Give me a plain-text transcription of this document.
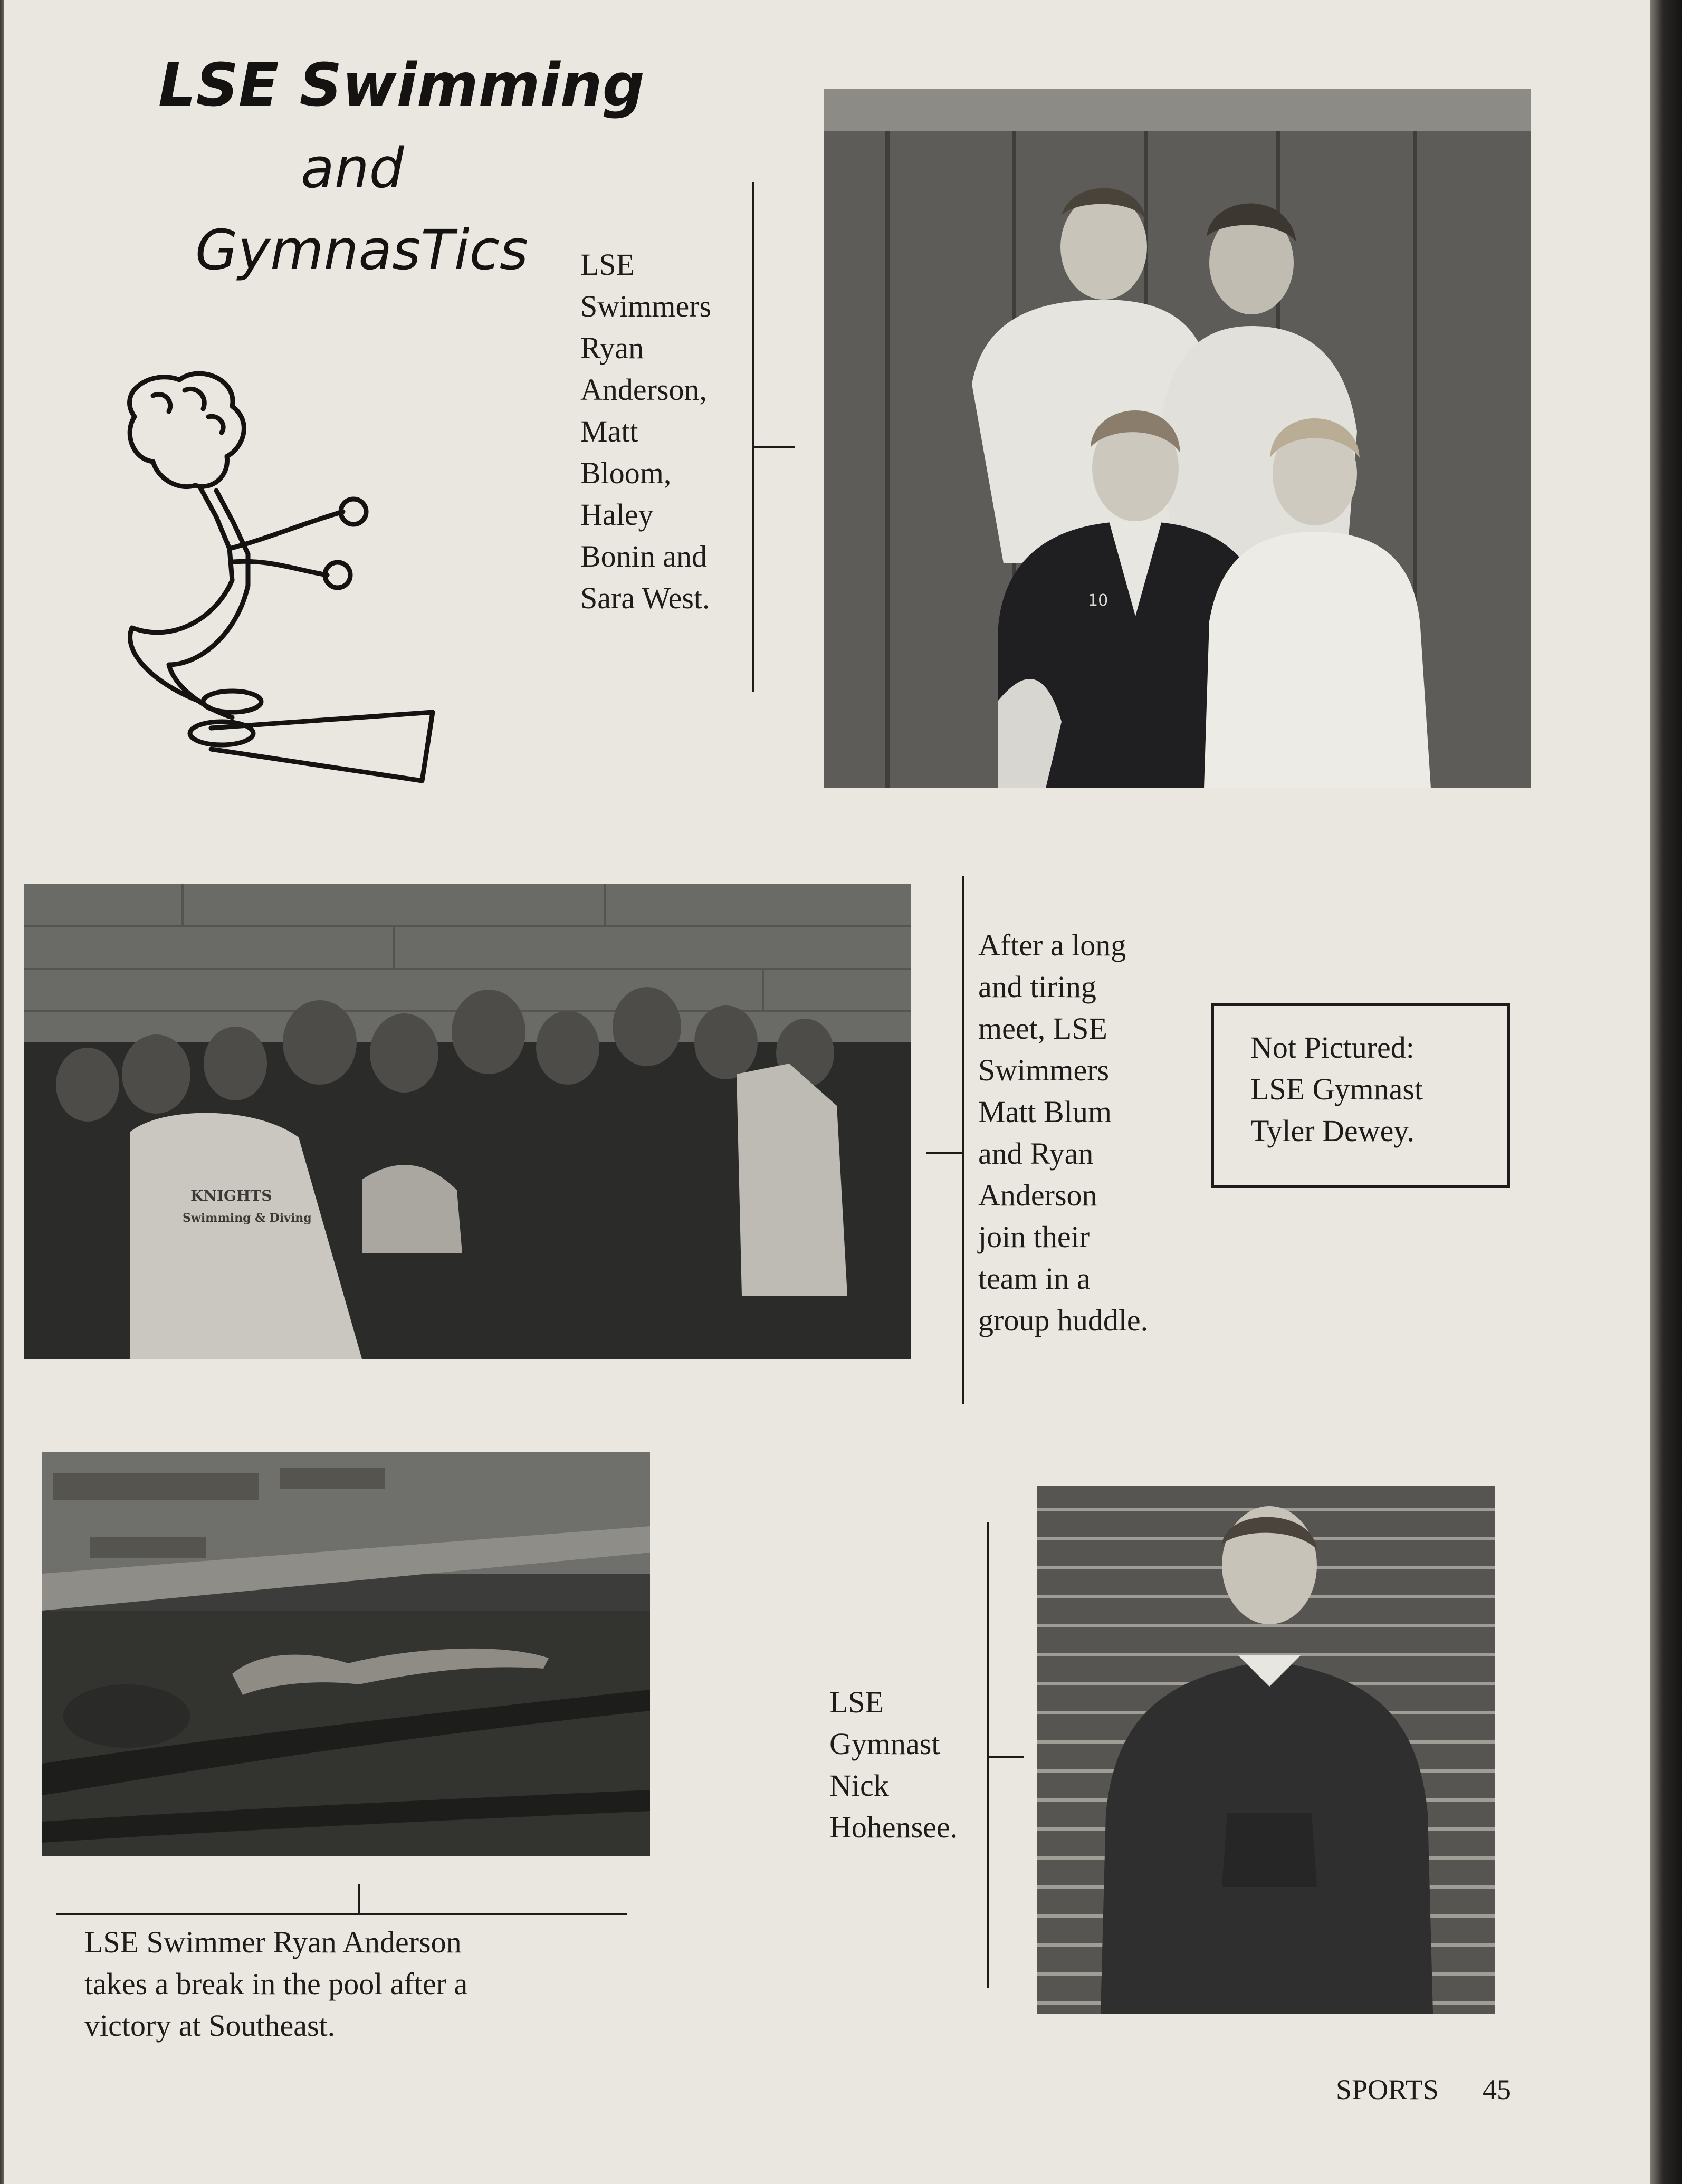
LSE Swimming
and
GymnasTics
10
LSE
Swimmers
Ryan
Anderson,
Matt
Bloom,
Haley
Bonin and
Sara West.
KNIGHTS
Swimming & Diving
After a long
and tiring
meet, LSE
Swimmers
Matt Blum
and Ryan
Anderson
join their
team in a
group huddle.
Not Pictured:
LSE Gymnast
Tyler Dewey.
LSE Swimmer Ryan Anderson
takes a break in the pool after a
victory at Southeast.
LSE
Gymnast
Nick
Hohensee.
SPORTS 45
